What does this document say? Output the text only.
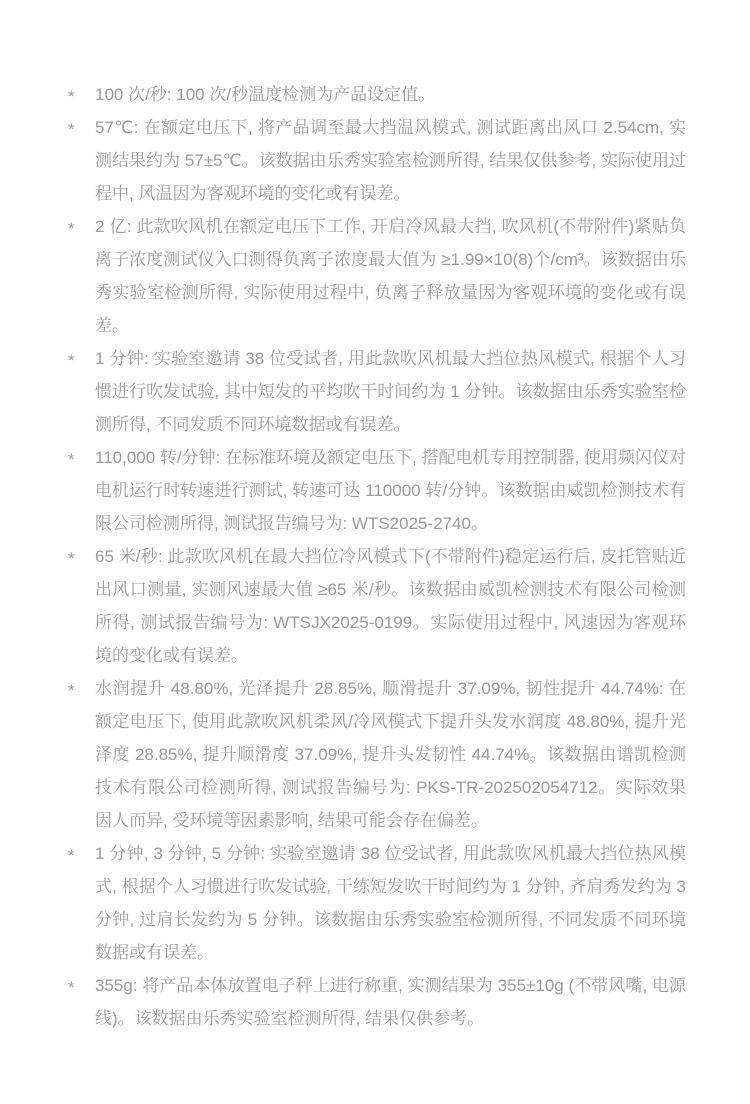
*	100 次/秒: 100 次/秒温度检测为产品设定值。

*	57℃: 在额定电压下, 将产品调至最大挡温风模式, 测试距离出风口 2.54cm, 实测结果约为 57±5℃。该数据由乐秀实验室检测所得, 结果仅供参考, 实际使用过程中, 风温因为客观环境的变化或有误差。

*	2 亿: 此款吹风机在额定电压下工作, 开启冷风最大挡, 吹风机(不带附件)紧贴负离子浓度测试仪入口测得负离子浓度最大值为 ≥1.99×10(8)个/cm³。该数据由乐秀实验室检测所得, 实际使用过程中, 负离子释放量因为客观环境的变化或有误差。

*	1 分钟: 实验室邀请 38 位受试者, 用此款吹风机最大挡位热风模式, 根据个人习惯进行吹发试验, 其中短发的平均吹干时间约为 1 分钟。该数据由乐秀实验室检测所得, 不同发质不同环境数据或有误差。

*	110,000 转/分钟: 在标准环境及额定电压下, 搭配电机专用控制器, 使用频闪仪对电机运行时转速进行测试, 转速可达 110000 转/分钟。该数据由威凯检测技术有限公司检测所得, 测试报告编号为: WTS2025-2740。

*	65 米/秒: 此款吹风机在最大挡位冷风模式下(不带附件)稳定运行后, 皮托管贴近出风口测量, 实测风速最大值 ≥65 米/秒。该数据由威凯检测技术有限公司检测所得, 测试报告编号为: WTSJX2025-0199。实际使用过程中, 风速因为客观环境的变化或有误差。

*	水润提升 48.80%, 光泽提升 28.85%, 顺滑提升 37.09%, 韧性提升 44.74%: 在额定电压下, 使用此款吹风机柔风/冷风模式下提升头发水润度 48.80%, 提升光泽度 28.85%, 提升顺滑度 37.09%, 提升头发韧性 44.74%。该数据由谱凯检测技术有限公司检测所得, 测试报告编号为: PKS-TR-202502054712。实际效果因人而异, 受环境等因素影响, 结果可能会存在偏差。

*	1 分钟, 3 分钟, 5 分钟: 实验室邀请 38 位受试者, 用此款吹风机最大挡位热风模式, 根据个人习惯进行吹发试验, 干练短发吹干时间约为 1 分钟, 齐肩秀发约为 3 分钟, 过肩长发约为 5 分钟。该数据由乐秀实验室检测所得, 不同发质不同环境数据或有误差。

*	355g: 将产品本体放置电子秤上进行称重, 实测结果为 355±10g (不带风嘴, 电源线)。该数据由乐秀实验室检测所得, 结果仅供参考。
